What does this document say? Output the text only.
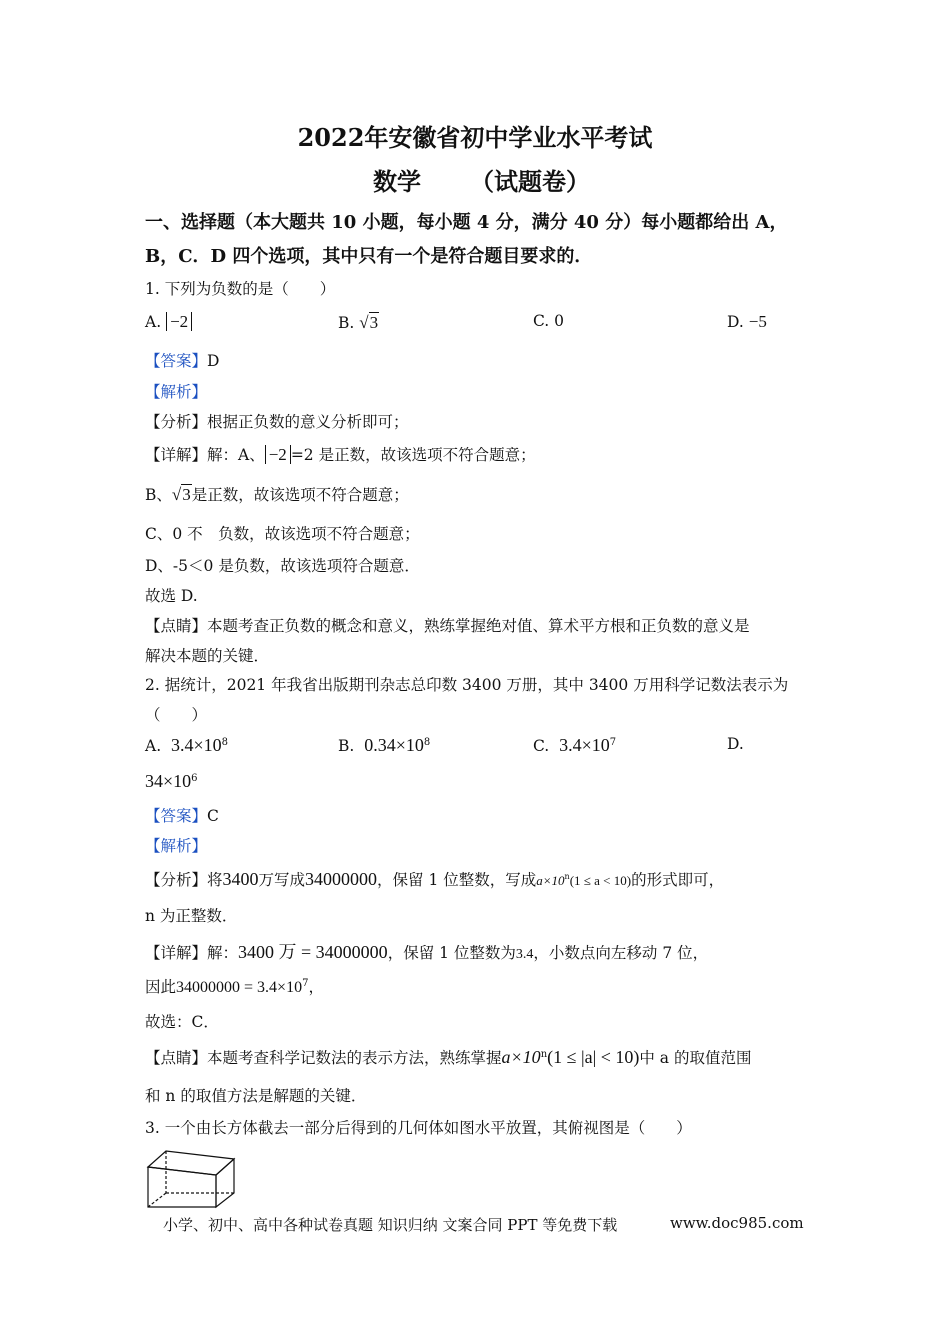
2022年安徽省初中学业水平考试
数学 （试题卷）
一、选择题（本大题共 10 小题，每小题 4 分，满分 40 分）每小题都给出 A，
B，C．D 四个选项，其中只有一个是符合题目要求的．
1. 下列为负数的是（　　）
A. −2	B. √3	C. 0	D. −5
【答案】D
【解析】
【分析】根据正负数的意义分析即可；
【详解】解：A、 −2 =2 是正数，故该选项不符合题意；
B、√3是正数，故该选项不符合题意；
C、0 不　负数，故该选项不符合题意；
D、-5＜0 是负数，故该选项符合题意．
故选 D.
【点睛】本题考查正负数的概念和意义，熟练掌握绝对值、算术平方根和正负数的意义是
解决本题的关键．
2. 据统计，2021 年我省出版期刊杂志总印数 3400 万册，其中 3400 万用科学记数法表示为
（　　）
A. $3.4\times 10^8$	B. $0.34\times 10^8$	C. $3.4\times 10^7$	D.
$34\times 10^6$
【答案】C
【解析】
【分析】将3400万写成34000000，保留 1 位整数，写成$a\times 10^n(1 \le a < 10)$的形式即可，
n 为正整数．
【详解】解：3400 万 = 34000000，保留 1 位整数为3.4，小数点向左移动 7 位，
因此$34000000 = 3.4\times 10^7$，
故选：C．
【点睛】本题考查科学记数法的表示方法，熟练掌握$a\times 10^n(1 \le |a| < 10)$中 a 的取值范围
和 n 的取值方法是解题的关键．
3. 一个由长方体截去一部分后得到的几何体如图水平放置，其俯视图是（　　）
小学、初中、高中各种试卷真题 知识归纳 文案合同 PPT 等免费下载	www.doc985.com
